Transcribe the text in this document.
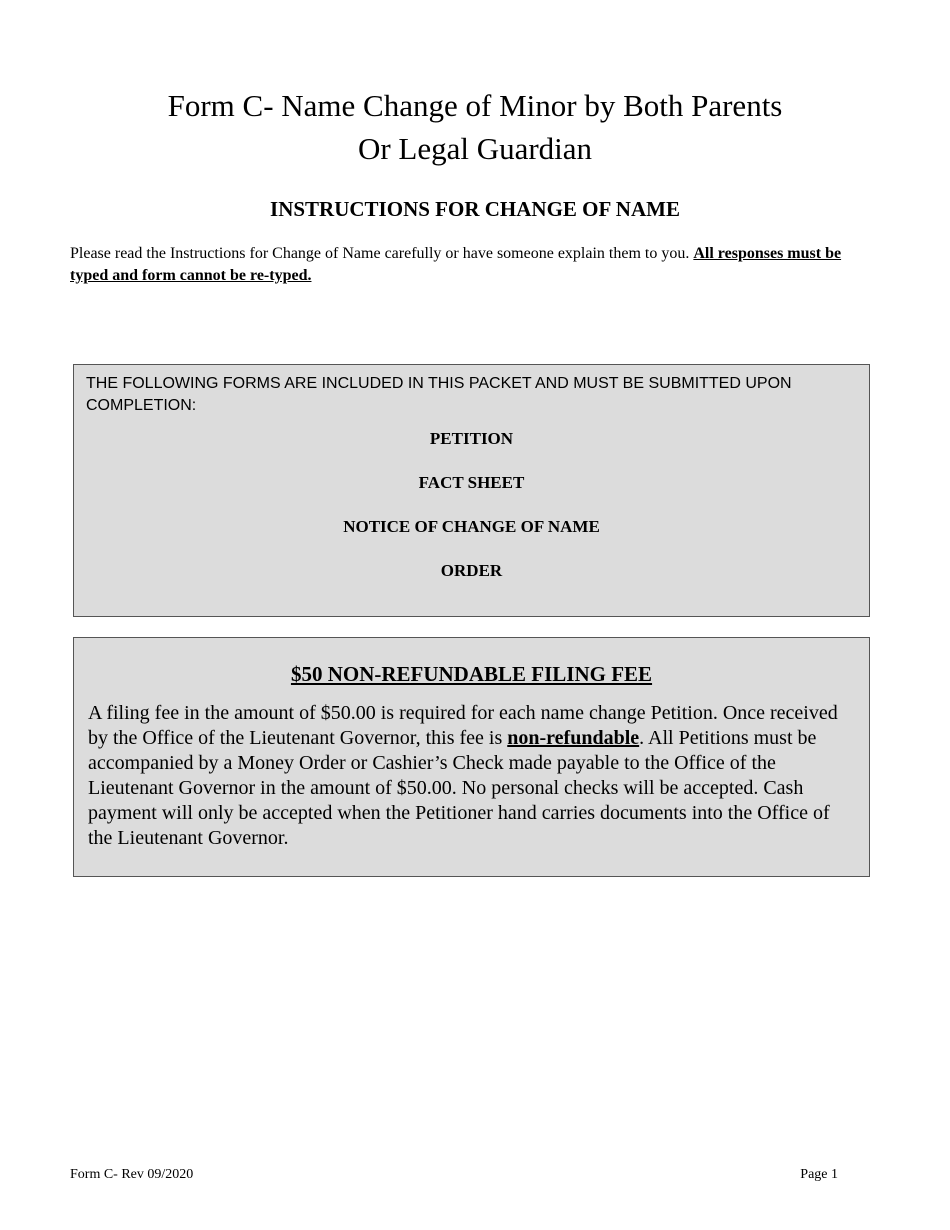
Form C- Name Change of Minor by Both Parents
Or Legal Guardian
INSTRUCTIONS FOR CHANGE OF NAME
Please read the Instructions for Change of Name carefully or have someone explain them to you. All responses must be typed and form cannot be re-typed.
THE FOLLOWING FORMS ARE INCLUDED IN THIS PACKET AND MUST BE SUBMITTED UPON COMPLETION:
PETITION
FACT SHEET
NOTICE OF CHANGE OF NAME
ORDER
$50 NON-REFUNDABLE FILING FEE
A filing fee in the amount of $50.00 is required for each name change Petition. Once received by the Office of the Lieutenant Governor, this fee is non-refundable. All Petitions must be accompanied by a Money Order or Cashier’s Check made payable to the Office of the Lieutenant Governor in the amount of $50.00. No personal checks will be accepted. Cash payment will only be accepted when the Petitioner hand carries documents into the Office of the Lieutenant Governor.
Form C- Rev 09/2020	Page 1
